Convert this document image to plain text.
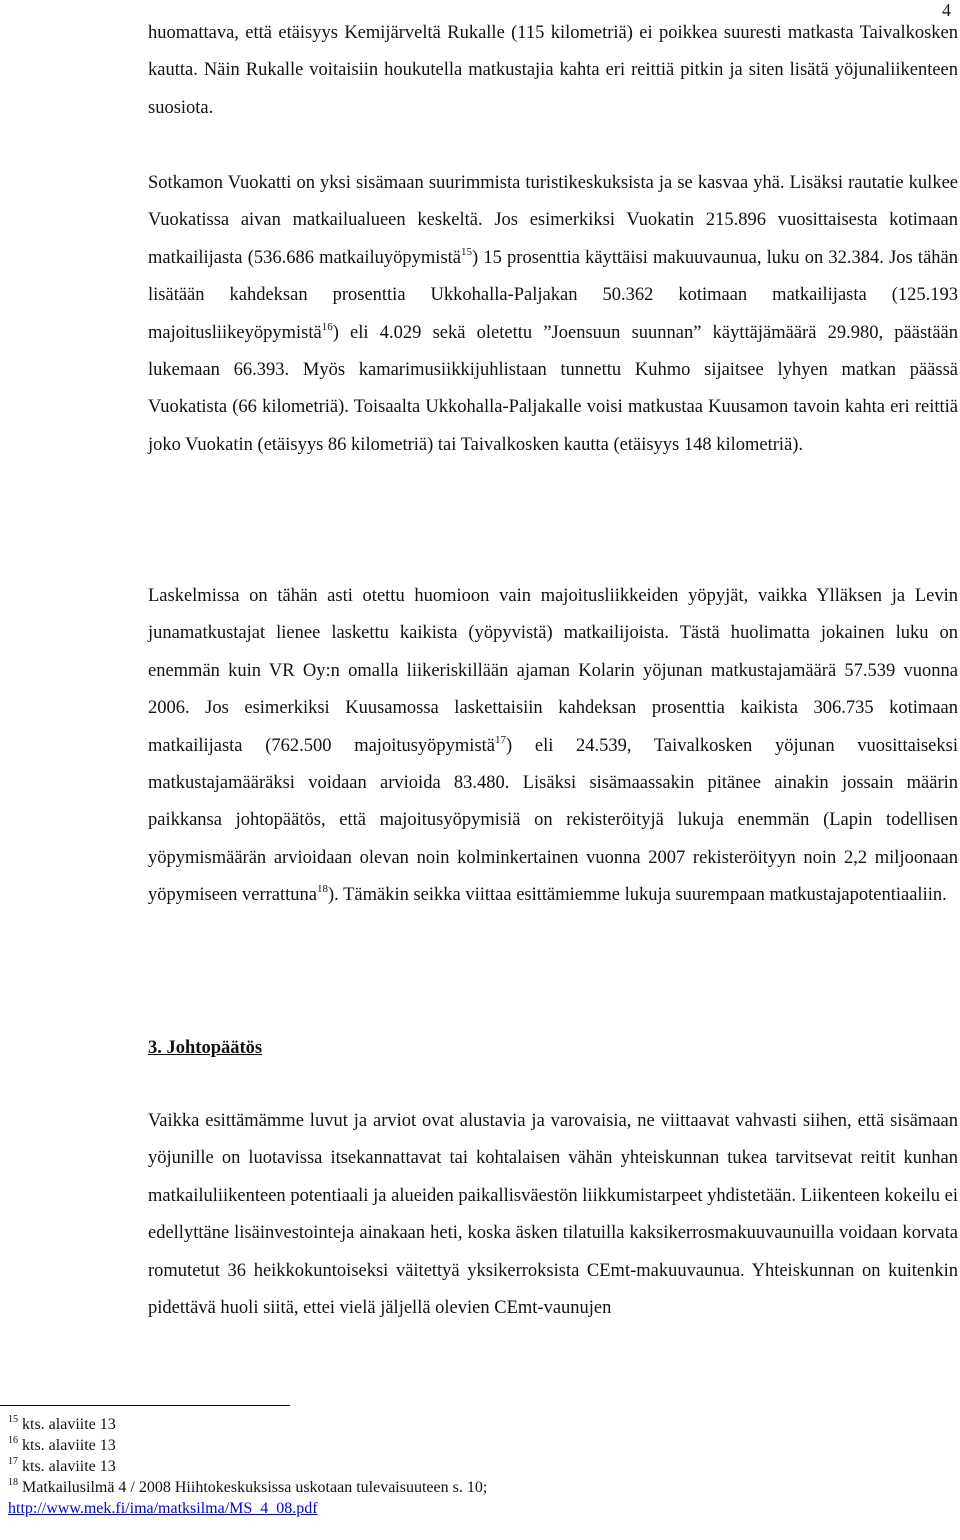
4

huomattava, että etäisyys Kemijärveltä Rukalle (115 kilometriä) ei poikkea suuresti matkasta Taivalkosken kautta. Näin Rukalle voitaisiin houkutella matkustajia kahta eri reittiä pitkin ja siten lisätä yöjunaliikenteen suosiota.

Sotkamon Vuokatti on yksi sisämaan suurimmista turistikeskuksista ja se kasvaa yhä. Lisäksi rautatie kulkee Vuokatissa aivan matkailualueen keskeltä. Jos esimerkiksi Vuokatin 215.896 vuosittaisesta kotimaan matkailijasta (536.686 matkailuyöpymistä$^{15}$) 15 prosenttia käyttäisi makuuvaunua, luku on 32.384. Jos tähän lisätään kahdeksan prosenttia Ukkohalla-Paljakan 50.362 kotimaan matkailijasta (125.193 majoitusliikeyöpymistä$^{16}$) eli 4.029 sekä oletettu ”Joensuun suunnan” käyttäjämäärä 29.980, päästään lukemaan 66.393. Myös kamarimusiikkijuhlistaan tunnettu Kuhmo sijaitsee lyhyen matkan päässä Vuokatista (66 kilometriä). Toisaalta Ukkohalla-Paljakalle voisi matkustaa Kuusamon tavoin kahta eri reittiä joko Vuokatin (etäisyys 86 kilometriä) tai Taivalkosken kautta (etäisyys 148 kilometriä).

Laskelmissa on tähän asti otettu huomioon vain majoitusliikkeiden yöpyjät, vaikka Ylläksen ja Levin junamatkustajat lienee laskettu kaikista (yöpyvistä) matkailijoista. Tästä huolimatta jokainen luku on enemmän kuin VR Oy:n omalla liikeriskillään ajaman Kolarin yöjunan matkustajamäärä 57.539 vuonna 2006. Jos esimerkiksi Kuusamossa laskettaisiin kahdeksan prosenttia kaikista 306.735 kotimaan matkailijasta (762.500 majoitusyöpymistä$^{17}$) eli 24.539, Taivalkosken yöjunan vuosittaiseksi matkustajamääräksi voidaan arvioida 83.480. Lisäksi sisämaassakin pitänee ainakin jossain määrin paikkansa johtopäätös, että majoitusyöpymisiä on rekisteröityjä lukuja enemmän (Lapin todellisen yöpymismäärän arvioidaan olevan noin kolminkertainen vuonna 2007 rekisteröityyn noin 2,2 miljoonaan yöpymiseen verrattuna$^{18}$). Tämäkin seikka viittaa esittämiemme lukuja suurempaan matkustajapotentiaaliin.

3. Johtopäätös

Vaikka esittämämme luvut ja arviot ovat alustavia ja varovaisia, ne viittaavat vahvasti siihen, että sisämaan yöjunille on luotavissa itsekannattavat tai kohtalaisen vähän yhteiskunnan tukea tarvitsevat reitit kunhan matkailuliikenteen potentiaali ja alueiden paikallisväestön liikkumistarpeet yhdistetään. Liikenteen kokeilu ei edellyttäne lisäinvestointeja ainakaan heti, koska äsken tilatuilla kaksikerrosmakuuvaunuilla voidaan korvata romutetut 36 heikkokuntoiseksi väitettyä yksikerroksista CEmt-makuuvaunua. Yhteiskunnan on kuitenkin pidettävä huoli siitä, ettei vielä jäljellä olevien CEmt-vaunujen

$^{15}$ kts. alaviite 13
$^{16}$ kts. alaviite 13
$^{17}$ kts. alaviite 13
$^{18}$ Matkailusilmä 4 / 2008 Hiihtokeskuksissa uskotaan tulevaisuuteen s. 10;
http://www.mek.fi/ima/matksilma/MS_4_08.pdf
